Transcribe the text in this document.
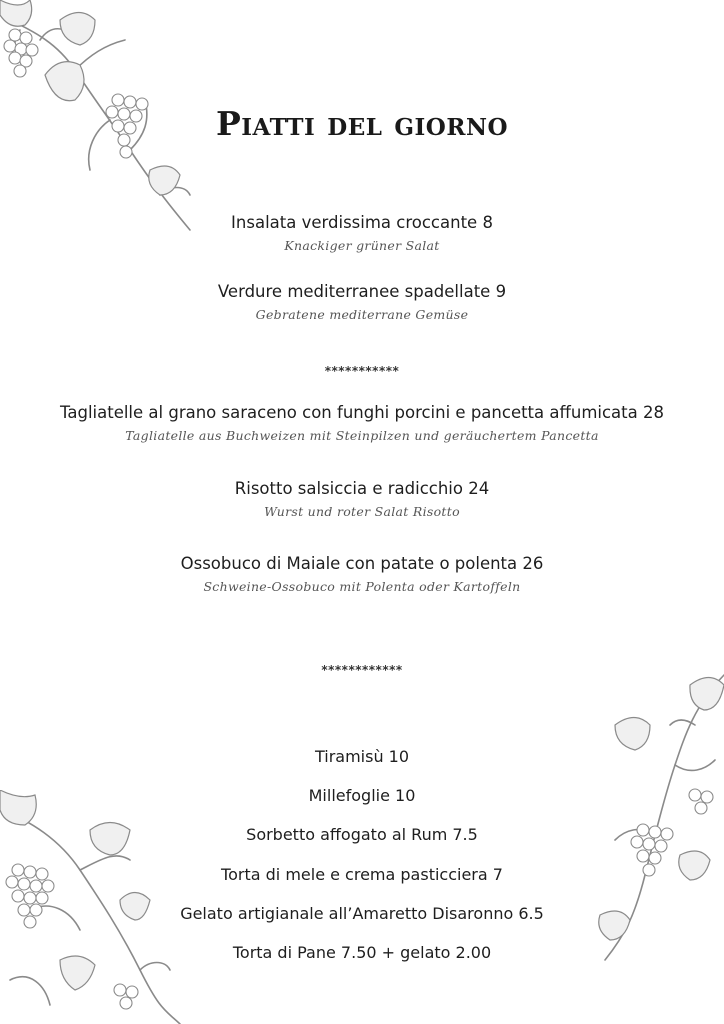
Piatti del giorno
Insalata verdissima croccante 8
Knackiger grüner Salat
Verdure mediterranee spadellate 9
Gebratene mediterrane Gemüse
***********
Tagliatelle al grano saraceno con funghi porcini e pancetta affumicata 28
Tagliatelle aus Buchweizen mit Steinpilzen und geräuchertem Pancetta
Risotto salsiccia e radicchio 24
Wurst und roter Salat Risotto
Ossobuco di Maiale con patate o polenta 26
Schweine-Ossobuco mit Polenta oder Kartoffeln
************
Tiramisù 10
Millefoglie 10
Sorbetto affogato al Rum 7.5
Torta di mele e crema pasticciera 7
Gelato artigianale all’Amaretto Disaronno 6.5
Torta di Pane 7.50 + gelato 2.00
